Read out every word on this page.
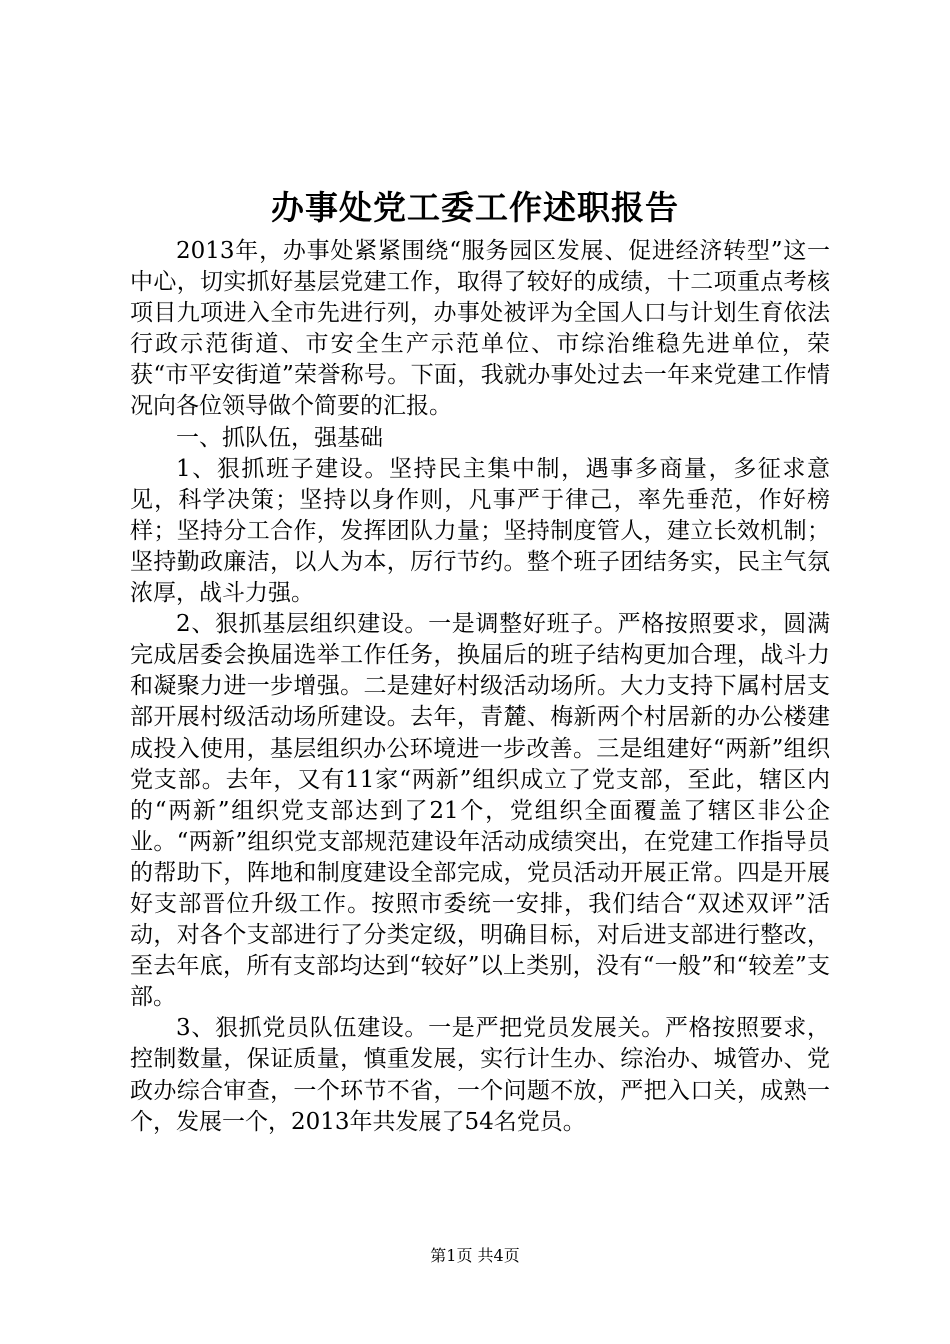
办事处党工委工作述职报告

2013年，办事处紧紧围绕“服务园区发展、促进经济转型”这一中心，切实抓好基层党建工作，取得了较好的成绩，十二项重点考核项目九项进入全市先进行列，办事处被评为全国人口与计划生育依法行政示范街道、市安全生产示范单位、市综治维稳先进单位，荣获“市平安街道”荣誉称号。下面，我就办事处过去一年来党建工作情况向各位领导做个简要的汇报。

一、抓队伍，强基础

1、狠抓班子建设。坚持民主集中制，遇事多商量，多征求意见，科学决策；坚持以身作则，凡事严于律己，率先垂范，作好榜样；坚持分工合作，发挥团队力量；坚持制度管人，建立长效机制；坚持勤政廉洁，以人为本，厉行节约。整个班子团结务实，民主气氛浓厚，战斗力强。

2、狠抓基层组织建设。一是调整好班子。严格按照要求，圆满完成居委会换届选举工作任务，换届后的班子结构更加合理，战斗力和凝聚力进一步增强。二是建好村级活动场所。大力支持下属村居支部开展村级活动场所建设。去年，青麓、梅新两个村居新的办公楼建成投入使用，基层组织办公环境进一步改善。三是组建好“两新”组织党支部。去年，又有11家“两新”组织成立了党支部，至此，辖区内的“两新”组织党支部达到了21个，党组织全面覆盖了辖区非公企业。“两新”组织党支部规范建设年活动成绩突出，在党建工作指导员的帮助下，阵地和制度建设全部完成，党员活动开展正常。四是开展好支部晋位升级工作。按照市委统一安排，我们结合“双述双评”活动，对各个支部进行了分类定级，明确目标，对后进支部进行整改，至去年底，所有支部均达到“较好”以上类别，没有“一般”和“较差”支部。

3、狠抓党员队伍建设。一是严把党员发展关。严格按照要求，控制数量，保证质量，慎重发展，实行计生办、综治办、城管办、党政办综合审查，一个环节不省，一个问题不放，严把入口关，成熟一个，发展一个，2013年共发展了54名党员。

第1页 共4页
